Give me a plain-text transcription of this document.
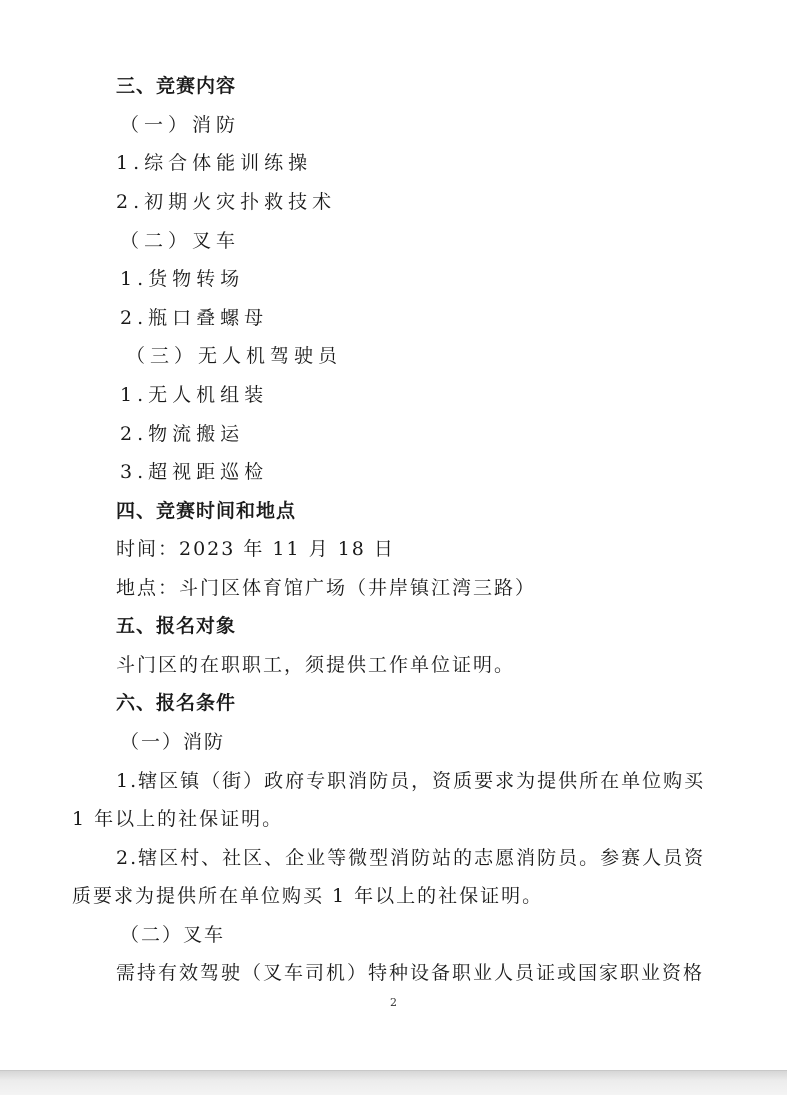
三、竞赛内容
（一）消防
1.综合体能训练操
2.初期火灾扑救技术
（二）叉车
1.货物转场
2.瓶口叠螺母
（三）无人机驾驶员
1.无人机组装
2.物流搬运
3.超视距巡检
四、竞赛时间和地点
时间：2023 年 11 月 18 日
地点：斗门区体育馆广场（井岸镇江湾三路）
五、报名对象
斗门区的在职职工，须提供工作单位证明。
六、报名条件
（一）消防
1.辖区镇（街）政府专职消防员，资质要求为提供所在单位购买
1 年以上的社保证明。
2.辖区村、社区、企业等微型消防站的志愿消防员。参赛人员资
质要求为提供所在单位购买 1 年以上的社保证明。
（二）叉车
需持有效驾驶（叉车司机）特种设备职业人员证或国家职业资格
2
